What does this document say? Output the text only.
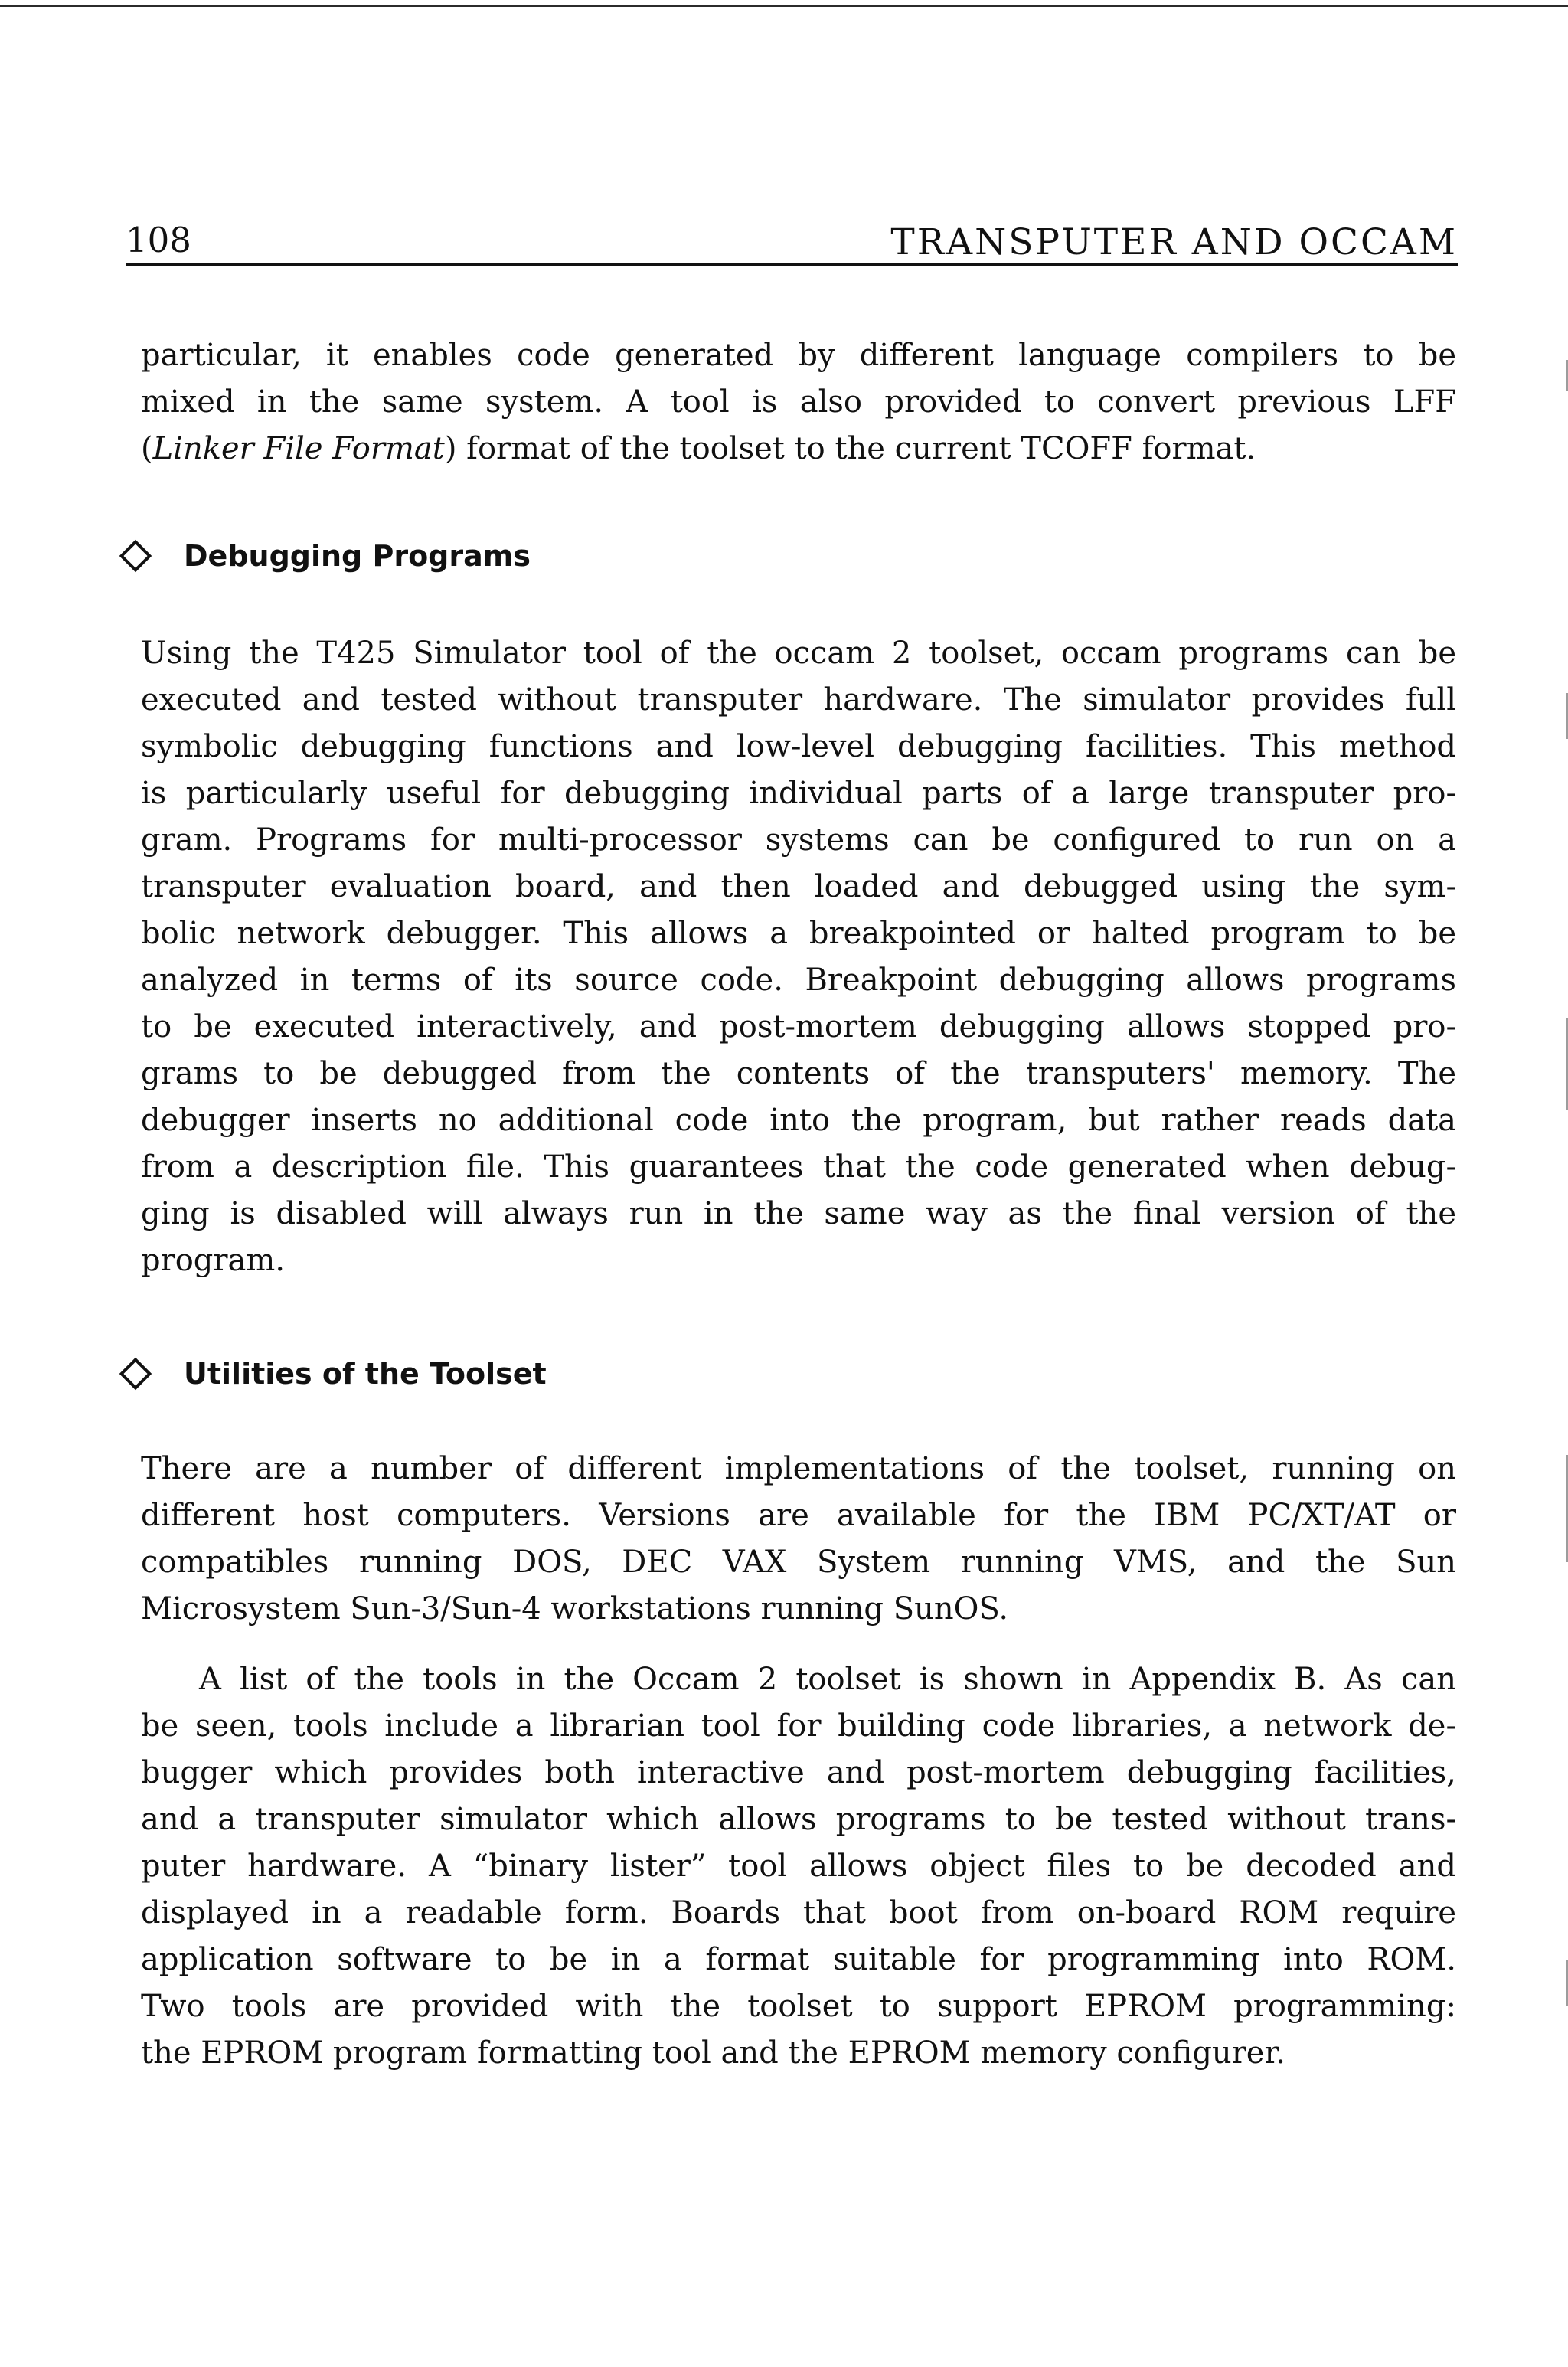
108	TRANSPUTER AND OCCAM
particular, it enables code generated by different language compilers to be
mixed in the same system. A tool is also provided to convert previous LFF
(Linker File Format) format of the toolset to the current TCOFF format.
Debugging Programs
Using the T425 Simulator tool of the occam 2 toolset, occam programs can be
executed and tested without transputer hardware. The simulator provides full
symbolic debugging functions and low-level debugging facilities. This method
is particularly useful for debugging individual parts of a large transputer pro-
gram. Programs for multi-processor systems can be configured to run on a
transputer evaluation board, and then loaded and debugged using the sym-
bolic network debugger. This allows a breakpointed or halted program to be
analyzed in terms of its source code. Breakpoint debugging allows programs
to be executed interactively, and post-mortem debugging allows stopped pro-
grams to be debugged from the contents of the transputers' memory. The
debugger inserts no additional code into the program, but rather reads data
from a description file. This guarantees that the code generated when debug-
ging is disabled will always run in the same way as the final version of the
program.
Utilities of the Toolset
There are a number of different implementations of the toolset, running on
different host computers. Versions are available for the IBM PC/XT/AT or
compatibles running DOS, DEC VAX System running VMS, and the Sun
Microsystem Sun-3/Sun-4 workstations running SunOS.
A list of the tools in the Occam 2 toolset is shown in Appendix B. As can
be seen, tools include a librarian tool for building code libraries, a network de-
bugger which provides both interactive and post-mortem debugging facilities,
and a transputer simulator which allows programs to be tested without trans-
puter hardware. A “binary lister” tool allows object files to be decoded and
displayed in a readable form. Boards that boot from on-board ROM require
application software to be in a format suitable for programming into ROM.
Two tools are provided with the toolset to support EPROM programming:
the EPROM program formatting tool and the EPROM memory configurer.
